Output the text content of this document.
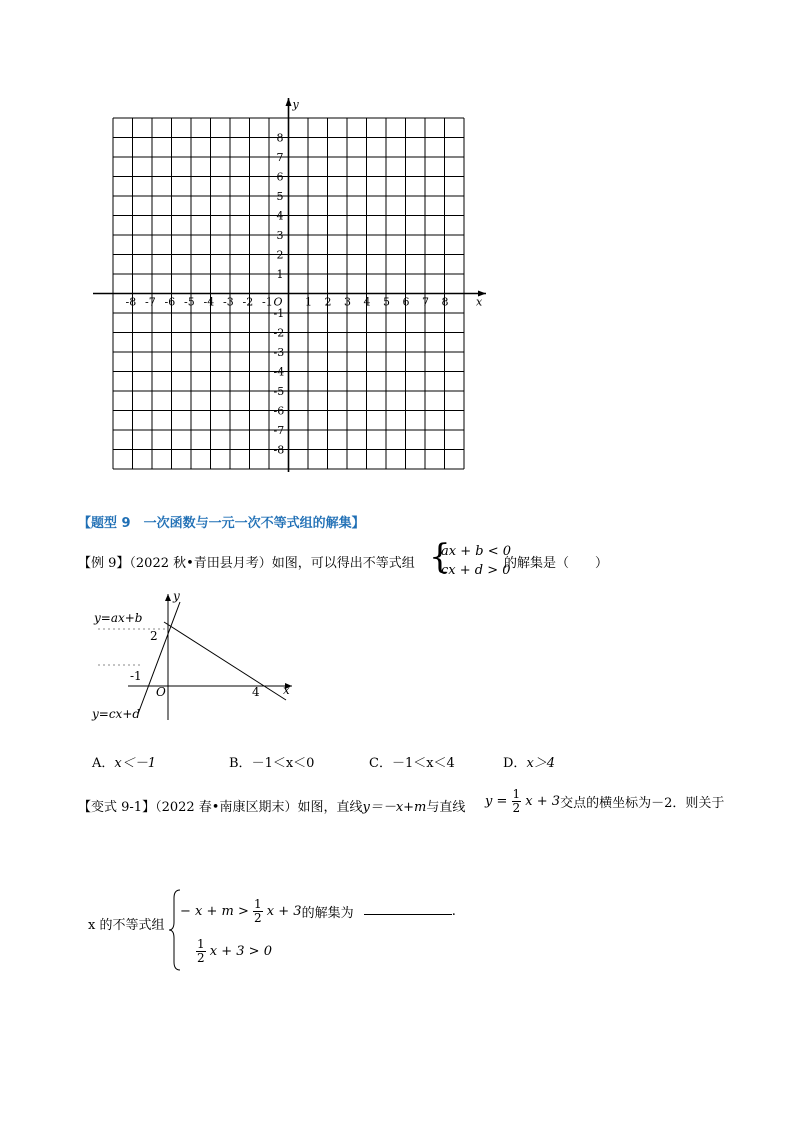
-8 -7 -6 -5 -4 -3 -2 -1	1 2 3 4 5 6 7 8
8
7
6
5
4
3
2
1
-1
-2
-3
-4
-5
-6
-7
-8
O	x
y
【题型 9　一次函数与一元一次不等式组的解集】
【例 9】（2022 秋•青田县月考）如图，可以得出不等式组 {
ax + b < 0
cx + d > 0
的解集是（　　）
y=ax+b
y=cx+d
2
-1
4
O	x
y
A．x＜－1	B．－1＜x＜0	C．－1＜x＜4	D．x＞4
【变式 9-1】（2022 春•南康区期末）如图，直线y＝－x+m与直线 $y = \frac{1}{2}$ x + 3交点的横坐标为－2．则关于
x 的不等式组
− $x + m > \frac{1}{2}$ x + 3的解集为	.
$\frac{1}{2}$ x + 3 > 0
